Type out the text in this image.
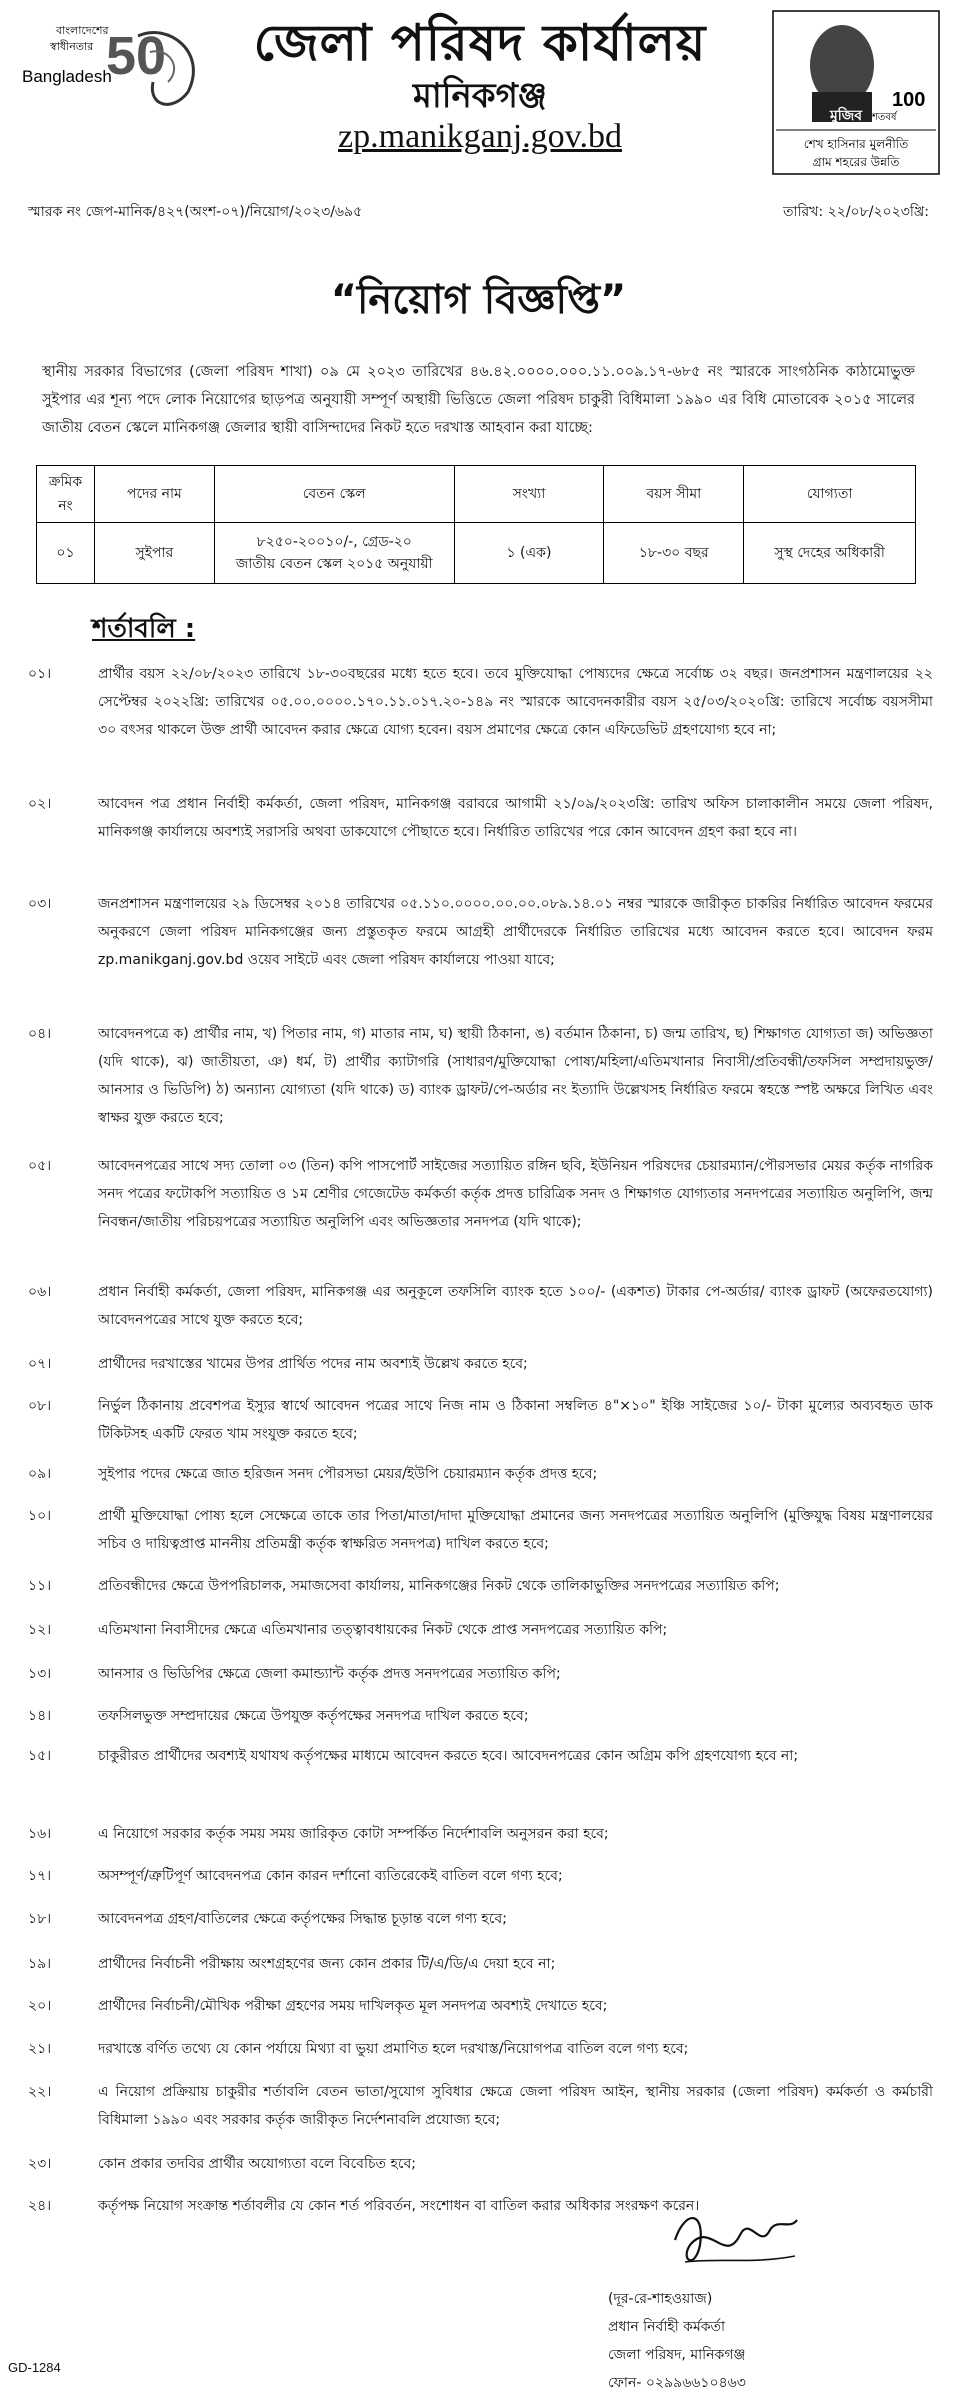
বাংলাদেশের
স্বাধীনতার 50
Bangladesh
জেলা পরিষদ কার্যালয়
মানিকগঞ্জ
zp.manikganj.gov.bd
মুজিব শতবর্ষ
100
শেখ হাসিনার মুলনীতি
গ্রাম শহরের উন্নতি
স্মারক নং জেপ-মানিক/৪২৭(অংশ-০৭)/নিয়োগ/২০২৩/৬৯৫	তারিখ: ২২/০৮/২০২৩খ্রি:
“নিয়োগ বিজ্ঞপ্তি”
স্থানীয় সরকার বিভাগের (জেলা পরিষদ শাখা) ০৯ মে ২০২৩ তারিখের ৪৬.৪২.০০০০.০০০.১১.০০৯.১৭-৬৮৫ নং স্মারকে সাংগঠনিক কাঠামোভুক্ত সুইপার এর শূন্য পদে লোক নিয়োগের ছাড়পত্র অনুযায়ী সম্পূর্ণ অস্থায়ী ভিত্তিতে জেলা পরিষদ চাকুরী বিধিমালা ১৯৯০ এর বিধি মোতাবেক ২০১৫ সালের জাতীয় বেতন স্কেলে মানিকগঞ্জ জেলার স্থায়ী বাসিন্দাদের নিকট হতে দরখাস্ত আহবান করা যাচ্ছে:
ক্রমিক নং	পদের নাম	বেতন স্কেল	সংখ্যা	বয়স সীমা	যোগ্যতা
০১	সুইপার	৮২৫০-২০০১০/-, গ্রেড-২০
জাতীয় বেতন স্কেল ২০১৫ অনুযায়ী	১ (এক)	১৮-৩০ বছর	সুস্থ দেহের অধিকারী
শর্তাবলি :
০১।	প্রার্থীর বয়স ২২/০৮/২০২৩ তারিখে ১৮-৩০বছরের মধ্যে হতে হবে। তবে মুক্তিযোদ্ধা পোষ্যদের ক্ষেত্রে সর্বোচ্চ ৩২ বছর। জনপ্রশাসন মন্ত্রণালয়ের ২২ সেপ্টেম্বর ২০২২খ্রি: তারিখের ০৫.০০.০০০০.১৭০.১১.০১৭.২০-১৪৯ নং স্মারকে আবেদনকারীর বয়স ২৫/০৩/২০২০খ্রি: তারিখে সর্বোচ্চ বয়সসীমা ৩০ বৎসর থাকলে উক্ত প্রার্থী আবেদন করার ক্ষেত্রে যোগ্য হবেন। বয়স প্রমাণের ক্ষেত্রে কোন এফিডেভিট গ্রহণযোগ্য হবে না;
০২।	আবেদন পত্র প্রধান নির্বাহী কর্মকর্তা, জেলা পরিষদ, মানিকগঞ্জ বরাবরে আগামী ২১/০৯/২০২৩খ্রি: তারিখ অফিস চালাকালীন সময়ে জেলা পরিষদ, মানিকগঞ্জ কার্যালয়ে অবশ্যই সরাসরি অথবা ডাকযোগে পৌছাতে হবে। নির্ধারিত তারিখের পরে কোন আবেদন গ্রহণ করা হবে না।
০৩।	জনপ্রশাসন মন্ত্রণালয়ের ২৯ ডিসেম্বর ২০১৪ তারিখের ০৫.১১০.০০০০.০০.০০.০৮৯.১৪.০১ নম্বর স্মারকে জারীকৃত চাকরির নির্ধারিত আবেদন ফরমের অনুকরণে জেলা পরিষদ মানিকগঞ্জের জন্য প্রস্তুতকৃত ফরমে আগ্রহী প্রার্থীদেরকে নির্ধারিত তারিখের মধ্যে আবেদন করতে হবে। আবেদন ফরম zp.manikganj.gov.bd ওয়েব সাইটে এবং জেলা পরিষদ কার্যালয়ে পাওয়া যাবে;
০৪।	আবেদনপত্রে ক) প্রার্থীর নাম, খ) পিতার নাম, গ) মাতার নাম, ঘ) স্থায়ী ঠিকানা, ঙ) বর্তমান ঠিকানা, চ) জন্ম তারিখ, ছ) শিক্ষাগত যোগ্যতা জ) অভিজ্ঞতা (যদি থাকে), ঝ) জাতীয়তা, ঞ) ধর্ম, ট) প্রার্থীর ক্যাটাগরি (সাধারণ/মুক্তিযোদ্ধা পোষ্য/মহিলা/এতিমখানার নিবাসী/প্রতিবন্ধী/তফসিল সম্প্রদায়ভুক্ত/আনসার ও ভিডিপি) ঠ) অন্যান্য যোগ্যতা (যদি থাকে) ড) ব্যাংক ড্রাফট/পে-অর্ডার নং ইত্যাদি উল্লেখসহ নির্ধারিত ফরমে স্বহস্তে স্পষ্ট অক্ষরে লিখিত এবং স্বাক্ষর যুক্ত করতে হবে;
০৫।	আবেদনপত্রের সাথে সদ্য তোলা ০৩ (তিন) কপি পাসপোর্ট সাইজের সত্যায়িত রঙ্গিন ছবি, ইউনিয়ন পরিষদের চেয়ারম্যান/পৌরসভার মেয়র কর্তৃক নাগরিক সনদ পত্রের ফটোকপি সত্যায়িত ও ১ম শ্রেণীর গেজেটেড কর্মকর্তা কর্তৃক প্রদত্ত চারিত্রিক সনদ ও শিক্ষাগত যোগ্যতার সনদপত্রের সত্যায়িত অনুলিপি, জন্ম নিবন্ধন/জাতীয় পরিচয়পত্রের সত্যায়িত অনুলিপি এবং অভিজ্ঞতার সনদপত্র (যদি থাকে);
০৬।	প্রধান নির্বাহী কর্মকর্তা, জেলা পরিষদ, মানিকগঞ্জ এর অনুকূলে তফসিলি ব্যাংক হতে ১০০/- (একশত) টাকার পে-অর্ডার/ ব্যাংক ড্রাফট (অফেরতযোগ্য) আবেদনপত্রের সাথে যুক্ত করতে হবে;
০৭।	প্রার্থীদের দরখাস্তের খামের উপর প্রার্থিত পদের নাম অবশ্যই উল্লেখ করতে হবে;
০৮।	নির্ভুল ঠিকানায় প্রবেশপত্র ইস্যুর স্বার্থে আবেদন পত্রের সাথে নিজ নাম ও ঠিকানা সম্বলিত ৪"×১০" ইঞ্চি সাইজের ১০/- টাকা মুল্যের অব্যবহৃত ডাক টিকিটসহ একটি ফেরত খাম সংযুক্ত করতে হবে;
০৯।	সুইপার পদের ক্ষেত্রে জাত হরিজন সনদ পৌরসভা মেয়র/ইউপি চেয়ারম্যান কর্তৃক প্রদত্ত হবে;
১০।	প্রার্থী মুক্তিযোদ্ধা পোষ্য হলে সেক্ষেত্রে তাকে তার পিতা/মাতা/দাদা মুক্তিযোদ্ধা প্রমানের জন্য সনদপত্রের সত্যায়িত অনুলিপি (মুক্তিযুদ্ধ বিষয় মন্ত্রণালয়ের সচিব ও দায়িত্বপ্রাপ্ত মাননীয় প্রতিমন্ত্রী কর্তৃক স্বাক্ষরিত সনদপত্র) দাখিল করতে হবে;
১১।	প্রতিবন্ধীদের ক্ষেত্রে উপপরিচালক, সমাজসেবা কার্যালয়, মানিকগঞ্জের নিকট থেকে তালিকাভুক্তির সনদপত্রের সত্যায়িত কপি;
১২।	এতিমখানা নিবাসীদের ক্ষেত্রে এতিমখানার তত্ত্বাবধায়কের নিকট থেকে প্রাপ্ত সনদপত্রের সত্যায়িত কপি;
১৩।	আনসার ও ভিডিপির ক্ষেত্রে জেলা কমান্ড্যান্ট কর্তৃক প্রদত্ত সনদপত্রের সত্যায়িত কপি;
১৪।	তফসিলভুক্ত সম্প্রদায়ের ক্ষেত্রে উপযুক্ত কর্তৃপক্ষের সনদপত্র দাখিল করতে হবে;
১৫।	চাকুরীরত প্রার্থীদের অবশ্যই যথাযথ কর্তৃপক্ষের মাধ্যমে আবেদন করতে হবে। আবেদনপত্রের কোন অগ্রিম কপি গ্রহণযোগ্য হবে না;
১৬।	এ নিয়োগে সরকার কর্তৃক সময় সময় জারিকৃত কোটা সম্পর্কিত নির্দেশাবলি অনুসরন করা হবে;
১৭।	অসম্পূর্ণ/ত্রুটিপূর্ণ আবেদনপত্র কোন কারন দর্শানো ব্যতিরেকেই বাতিল বলে গণ্য হবে;
১৮।	আবেদনপত্র গ্রহণ/বাতিলের ক্ষেত্রে কর্তৃপক্ষের সিদ্ধান্ত চূড়ান্ত বলে গণ্য হবে;
১৯।	প্রার্থীদের নির্বাচনী পরীক্ষায় অংশগ্রহণের জন্য কোন প্রকার টি/এ/ডি/এ দেয়া হবে না;
২০।	প্রার্থীদের নির্বাচনী/মৌখিক পরীক্ষা গ্রহণের সময় দাখিলকৃত মূল সনদপত্র অবশ্যই দেখাতে হবে;
২১।	দরখাস্তে বর্ণিত তথ্যে যে কোন পর্যায়ে মিথ্যা বা ভুয়া প্রমাণিত হলে দরখাস্ত/নিয়োগপত্র বাতিল বলে গণ্য হবে;
২২।	এ নিয়োগ প্রক্রিয়ায় চাকুরীর শর্তাবলি বেতন ভাতা/সুযোগ সুবিধার ক্ষেত্রে জেলা পরিষদ আইন, স্থানীয় সরকার (জেলা পরিষদ) কর্মকর্তা ও কর্মচারী বিধিমালা ১৯৯০ এবং সরকার কর্তৃক জারীকৃত নির্দেশনাবলি প্রযোজ্য হবে;
২৩।	কোন প্রকার তদবির প্রার্থীর অযোগ্যতা বলে বিবেচিত হবে;
২৪।	কর্তৃপক্ষ নিয়োগ সংক্রান্ত শর্তাবলীর যে কোন শর্ত পরিবর্তন, সংশোধন বা বাতিল করার অধিকার সংরক্ষণ করেন।
(দূর-রে-শাহওয়াজ)
প্রধান নির্বাহী কর্মকর্তা
জেলা পরিষদ, মানিকগঞ্জ
ফোন- ০২৯৯৬৬১০৪৬৩
GD-1284
